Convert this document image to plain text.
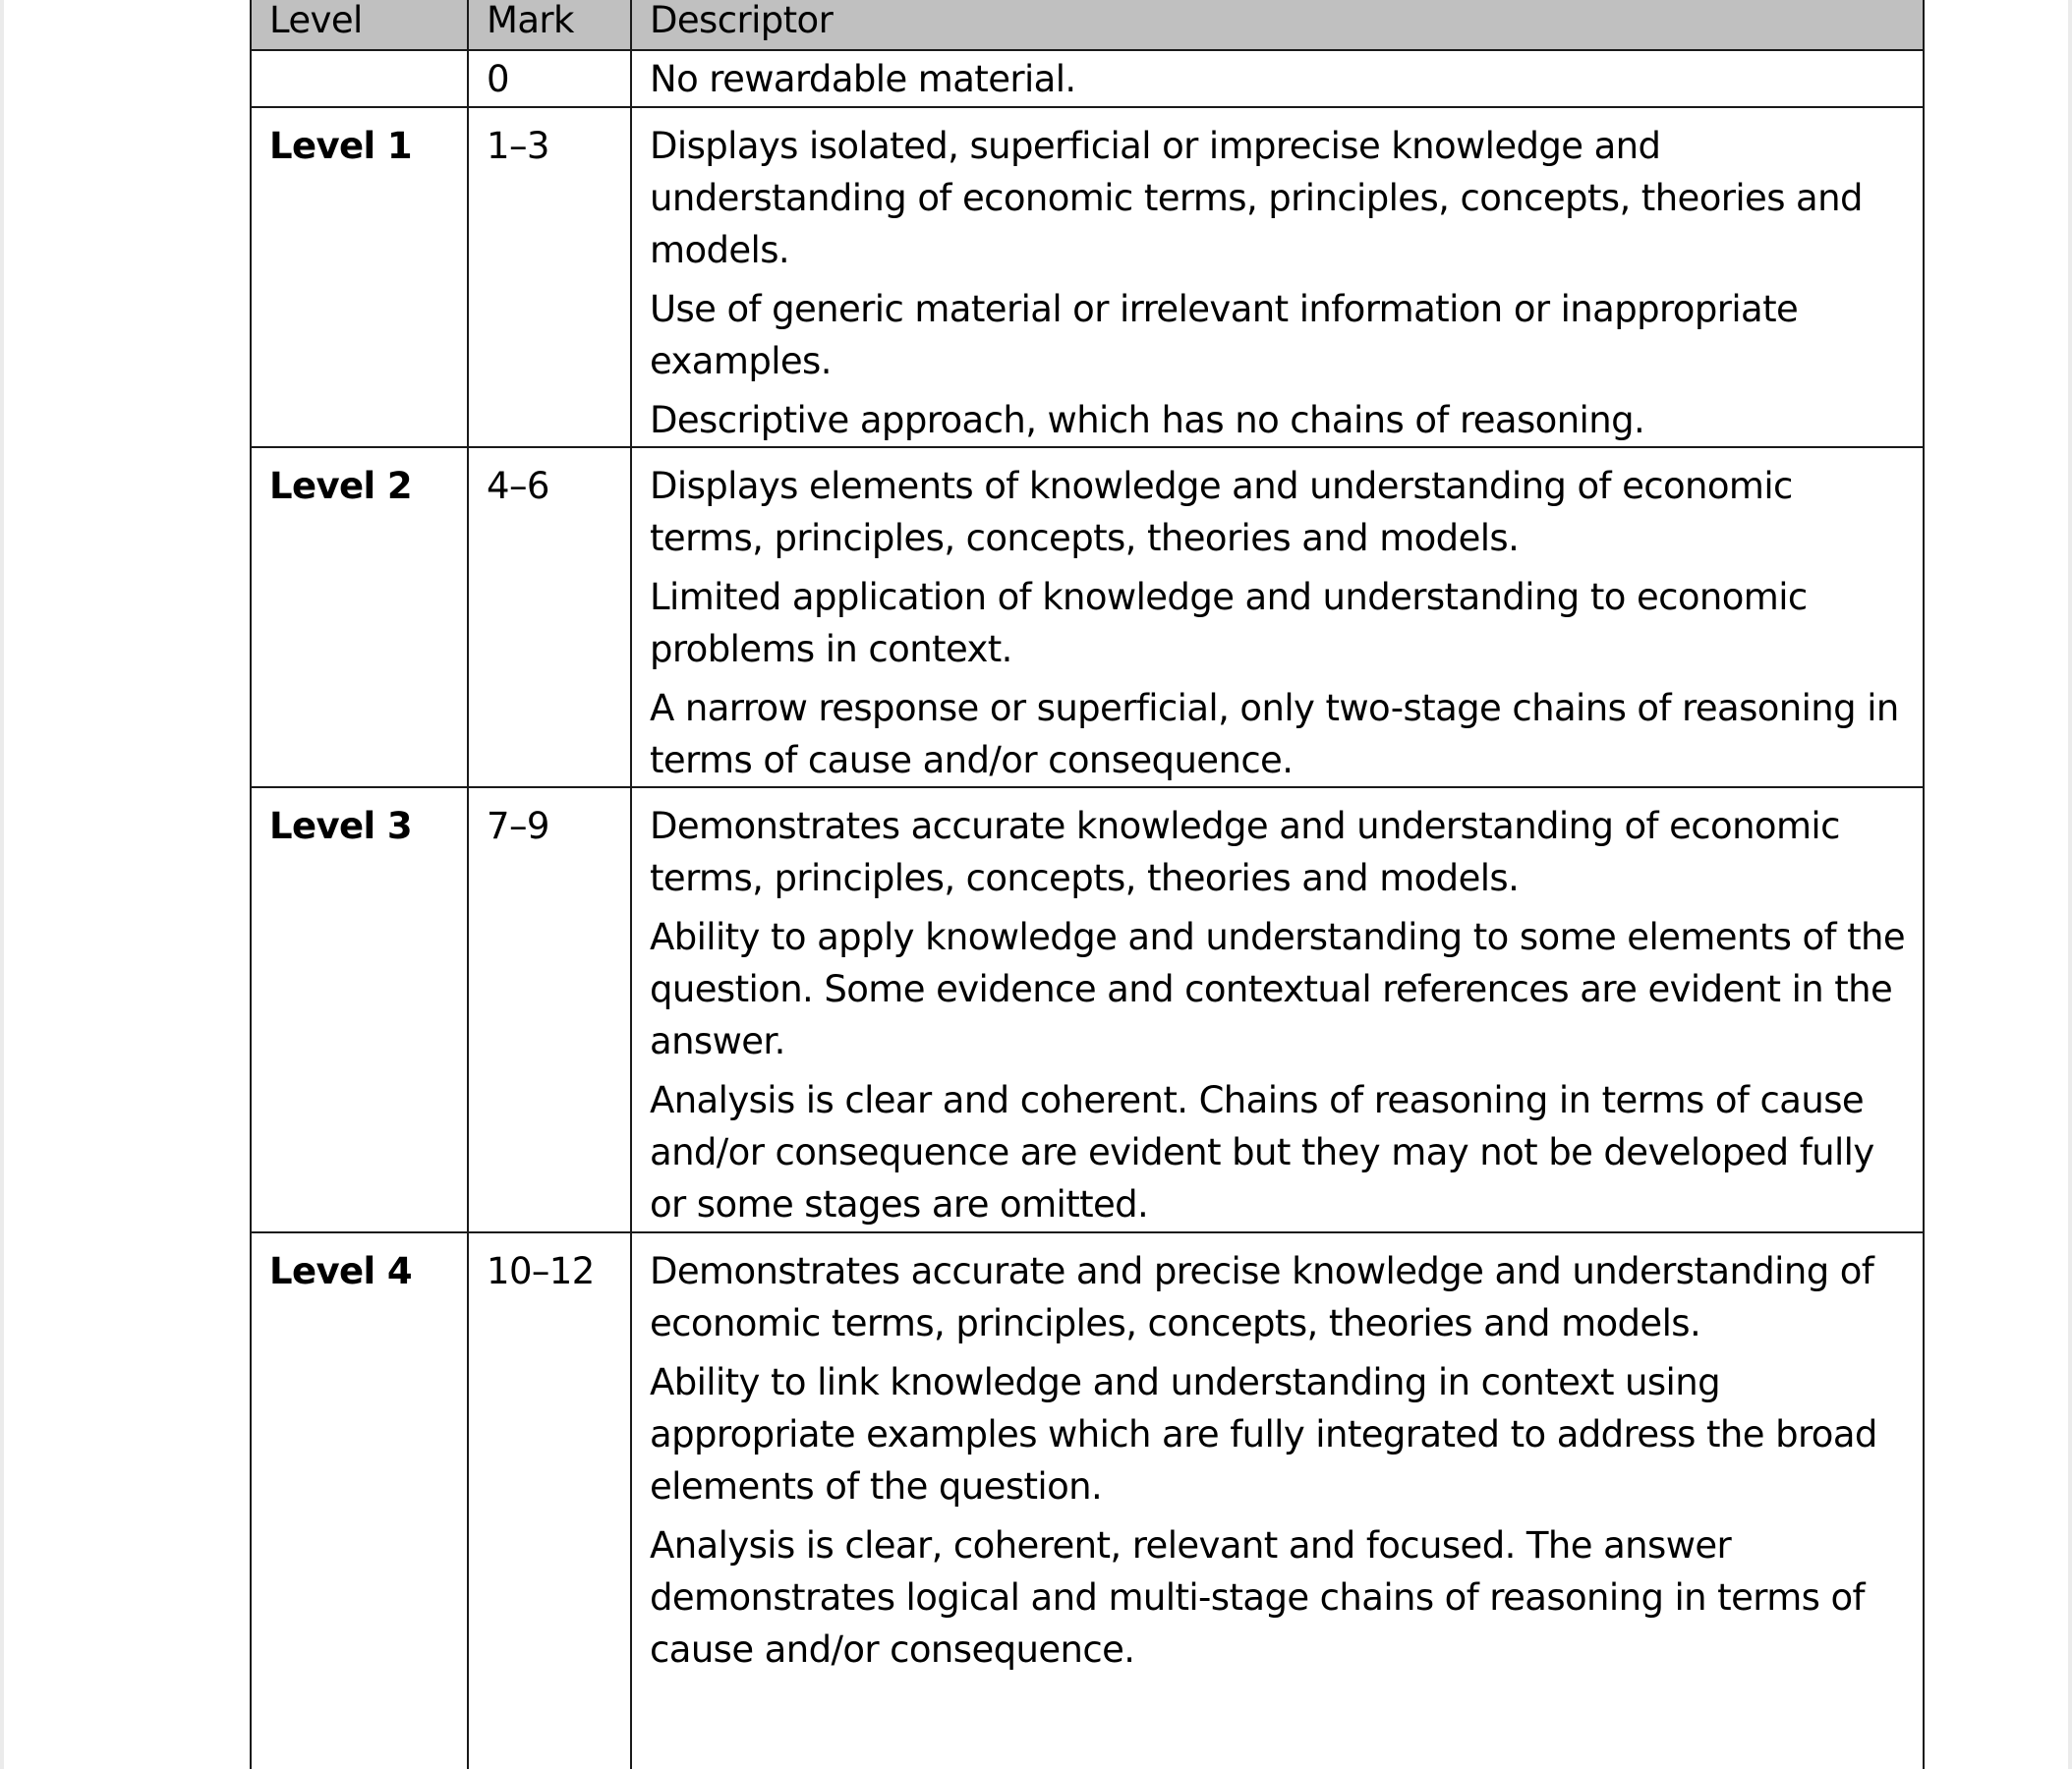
Level	Mark	Descriptor
	0	No rewardable material.

Level 1	1–3	Displays isolated, superficial or imprecise knowledge and understanding of economic terms, principles, concepts, theories and models.

Use of generic material or irrelevant information or inappropriate examples.

Descriptive approach, which has no chains of reasoning.

Level 2	4–6	Displays elements of knowledge and understanding of economic terms, principles, concepts, theories and models.

Limited application of knowledge and understanding to economic problems in context.

A narrow response or superficial, only two-stage chains of reasoning in terms of cause and/or consequence.

Level 3	7–9	Demonstrates accurate knowledge and understanding of economic terms, principles, concepts, theories and models.

Ability to apply knowledge and understanding to some elements of the question. Some evidence and contextual references are evident in the answer.

Analysis is clear and coherent. Chains of reasoning in terms of cause and/or consequence are evident but they may not be developed fully or some stages are omitted.

Level 4	10–12	Demonstrates accurate and precise knowledge and understanding of economic terms, principles, concepts, theories and models.

Ability to link knowledge and understanding in context using appropriate examples which are fully integrated to address the broad elements of the question.

Analysis is clear, coherent, relevant and focused. The answer demonstrates logical and multi-stage chains of reasoning in terms of cause and/or consequence.
